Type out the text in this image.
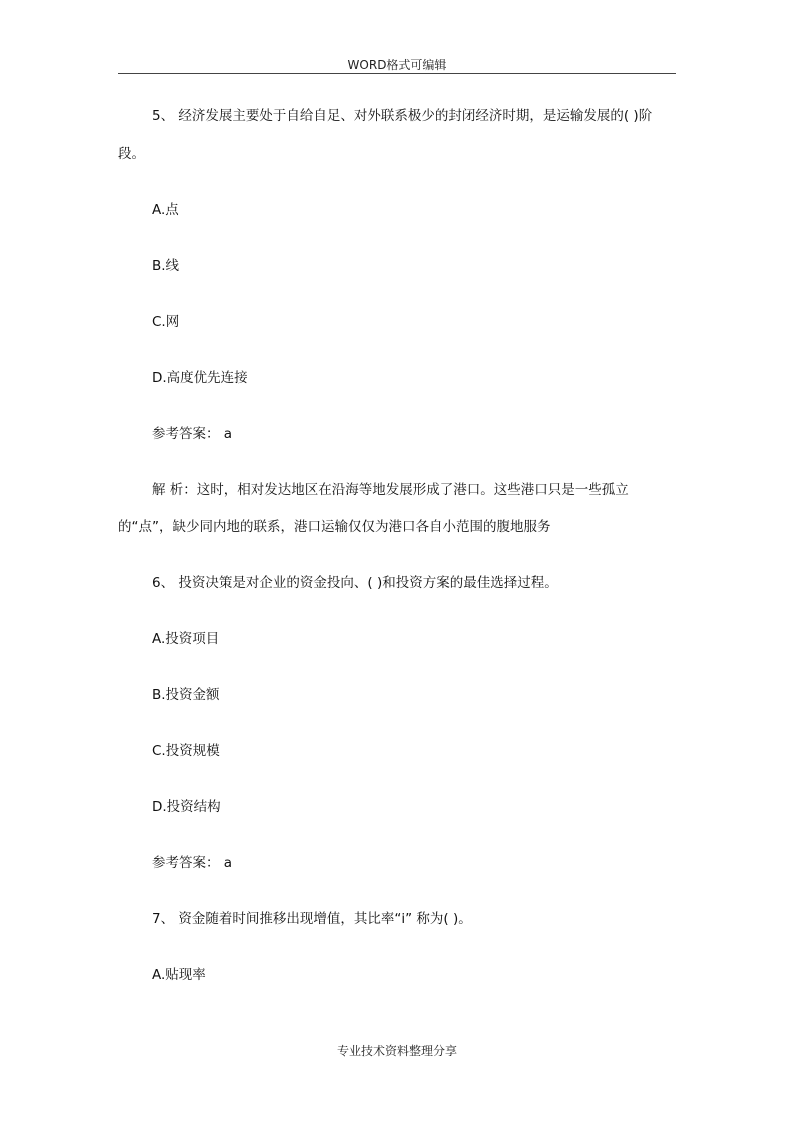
WORD格式可编辑
5、 经济发展主要处于自给自足、对外联系极少的封闭经济时期，是运输发展的( )阶
段。
A.点
B.线
C.网
D.高度优先连接
参考答案： a
解 析：这时，相对发达地区在沿海等地发展形成了港口。这些港口只是一些孤立
的“点”，缺少同内地的联系，港口运输仅仅为港口各自小范围的腹地服务
6、 投资决策是对企业的资金投向、( )和投资方案的最佳选择过程。
A.投资项目
B.投资金额
C.投资规模
D.投资结构
参考答案： a
7、 资金随着时间推移出现增值，其比率“i” 称为( )。
A.贴现率
专业技术资料整理分享
